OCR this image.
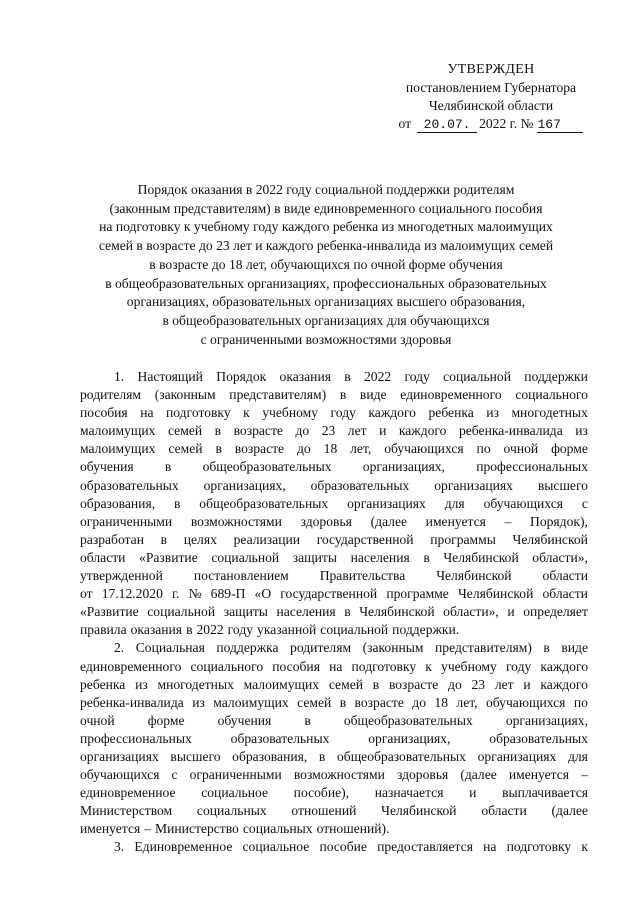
УТВЕРЖДЕН
постановлением Губернатора
Челябинской области
от 20.07. 2022 г. № 167
Порядок оказания в 2022 году социальной поддержки родителям
(законным представителям) в виде единовременного социального пособия
на подготовку к учебному году каждого ребенка из многодетных малоимущих
семей в возрасте до 23 лет и каждого ребенка-инвалида из малоимущих семей
в возрасте до 18 лет, обучающихся по очной форме обучения
в общеобразовательных организациях, профессиональных образовательных
организациях, образовательных организациях высшего образования,
в общеобразовательных организациях для обучающихся
с ограниченными возможностями здоровья
1. Настоящий Порядок оказания в 2022 году социальной поддержки
родителям (законным представителям) в виде единовременного социального
пособия на подготовку к учебному году каждого ребенка из многодетных
малоимущих семей в возрасте до 23 лет и каждого ребенка-инвалида из
малоимущих семей в возрасте до 18 лет, обучающихся по очной форме
обучения в общеобразовательных организациях, профессиональных
образовательных организациях, образовательных организациях высшего
образования, в общеобразовательных организациях для обучающихся с
ограниченными возможностями здоровья (далее именуется – Порядок),
разработан в целях реализации государственной программы Челябинской
области «Развитие социальной защиты населения в Челябинской области»,
утвержденной постановлением Правительства Челябинской области
от 17.12.2020 г. № 689-П «О государственной программе Челябинской области
«Развитие социальной защиты населения в Челябинской области», и определяет
правила оказания в 2022 году указанной социальной поддержки.
2. Социальная поддержка родителям (законным представителям) в виде
единовременного социального пособия на подготовку к учебному году каждого
ребенка из многодетных малоимущих семей в возрасте до 23 лет и каждого
ребенка-инвалида из малоимущих семей в возрасте до 18 лет, обучающихся по
очной форме обучения в общеобразовательных организациях,
профессиональных	образовательных	организациях,	образовательных
организациях высшего образования, в общеобразовательных организациях для
обучающихся с ограниченными возможностями здоровья (далее именуется –
единовременное социальное пособие), назначается и выплачивается
Министерством социальных отношений Челябинской области (далее
именуется – Министерство социальных отношений).
3. Единовременное социальное пособие предоставляется на подготовку к
